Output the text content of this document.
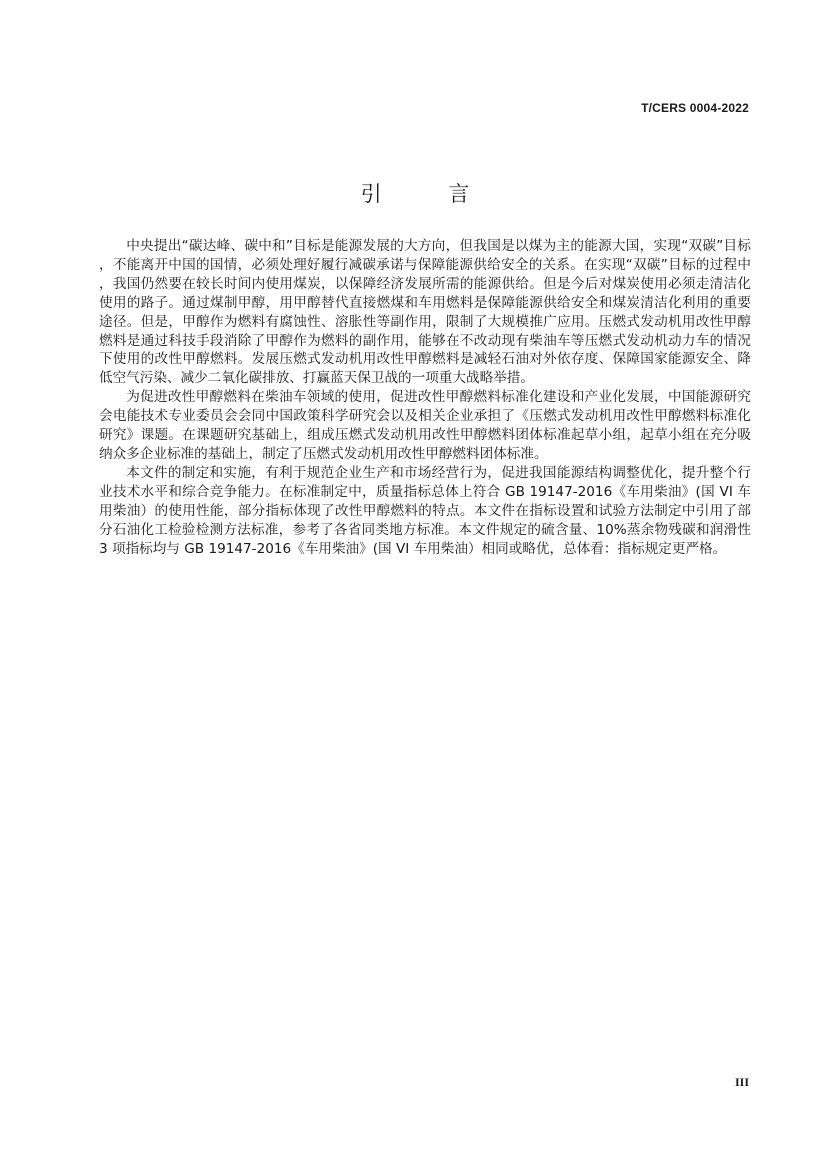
T/CERS 0004-2022
引 言

中央提出“碳达峰、碳中和”目标是能源发展的大方向，但我国是以煤为主的能源大国，实现“双碳”目标，不能离开中国的国情，必须处理好履行减碳承诺与保障能源供给安全的关系。在实现“双碳”目标的过程中，我国仍然要在较长时间内使用煤炭，以保障经济发展所需的能源供给。但是今后对煤炭使用必须走清洁化使用的路子。通过煤制甲醇，用甲醇替代直接燃煤和车用燃料是保障能源供给安全和煤炭清洁化利用的重要途径。但是，甲醇作为燃料有腐蚀性、溶胀性等副作用，限制了大规模推广应用。压燃式发动机用改性甲醇燃料是通过科技手段消除了甲醇作为燃料的副作用，能够在不改动现有柴油车等压燃式发动机动力车的情况下使用的改性甲醇燃料。发展压燃式发动机用改性甲醇燃料是减轻石油对外依存度、保障国家能源安全、降低空气污染、减少二氧化碳排放、打赢蓝天保卫战的一项重大战略举措。

为促进改性甲醇燃料在柴油车领域的使用，促进改性甲醇燃料标准化建设和产业化发展，中国能源研究会电能技术专业委员会会同中国政策科学研究会以及相关企业承担了《压燃式发动机用改性甲醇燃料标准化研究》课题。在课题研究基础上，组成压燃式发动机用改性甲醇燃料团体标准起草小组，起草小组在充分吸纳众多企业标准的基础上，制定了压燃式发动机用改性甲醇燃料团体标准。

本文件的制定和实施，有利于规范企业生产和市场经营行为，促进我国能源结构调整优化，提升整个行业技术水平和综合竞争能力。在标准制定中，质量指标总体上符合 GB 19147-2016《车用柴油》(国 VI 车用柴油）的使用性能，部分指标体现了改性甲醇燃料的特点。本文件在指标设置和试验方法制定中引用了部分石油化工检验检测方法标准，参考了各省同类地方标准。本文件规定的硫含量、10%蒸余物残碳和润滑性 3 项指标均与 GB 19147-2016《车用柴油》(国 VI 车用柴油）相同或略优，总体看：指标规定更严格。

III
